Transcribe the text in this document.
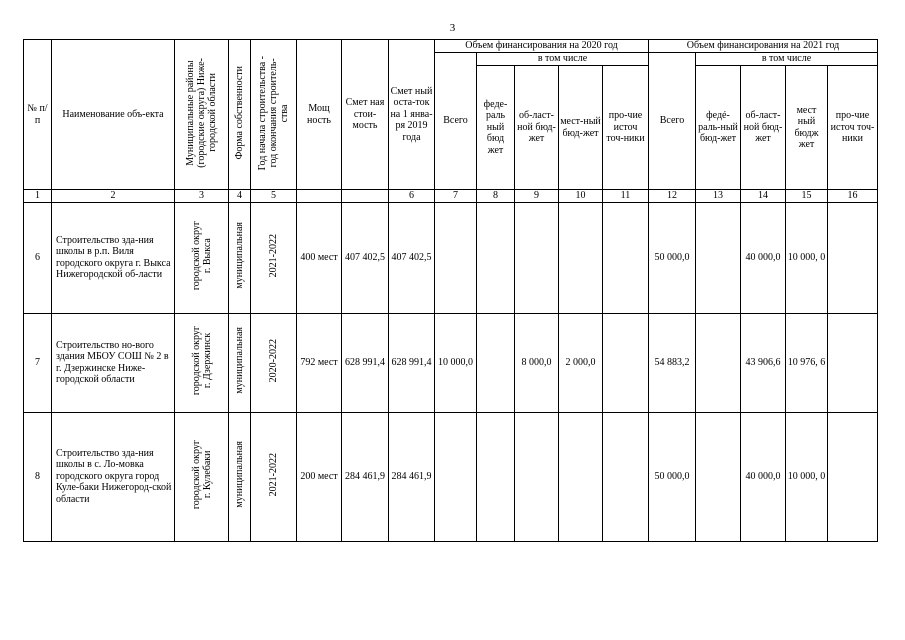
3
№ п/п	Наименование объ-екта	Муниципальные районы
(городские округа) Ниже-
городской области	Форма собственности	Год начала строительства -
год окончания строитель-
ства	Мощ ность	Смет ная стои-мость	Смет ный оста-ток на 1 янва-ря 2019 года	Объем финансирования на 2020 год					Объем финансирования на 2021 год				
								Всего	в том числе				Всего	в том числе			
									феде-раль ный бюд жет	об-ласт-ной бюд-жет	мест-ный бюд-жет	про-чие источ точ-ники		федé-раль-ный бюд-жет	об-ласт-ной бюд-жет	мест ный бюдж жет	про-чие источ точ-ники
1	2	3	4	5			6	7	8	9	10	11	12	13	14	15	16
6	Строительство зда-ния школы в р.п. Виля городского округа г. Выкса Нижегородской об-ласти	городской округ
г. Выкса	муниципальная	2021-2022	400 мест	407 402,5	407 402,5						50 000,0		40 000,0	10 000, 0	
7	Строительство но-вого здания МБОУ СОШ № 2 в г. Дзержинске Ниже-городской области	городской округ
г. Дзержинск	муниципальная	2020-2022	792 мест	628 991,4	628 991,4	10 000,0		8 000,0	2 000,0		54 883,2		43 906,6	10 976, 6	
8	Строительство зда-ния школы в с. Ло-мовка городского округа город Куле-баки Нижегород-ской области	городской округ
г. Кулебаки	муниципальная	2021-2022	200 мест	284 461,9	284 461,9						50 000,0		40 000,0	10 000, 0	
